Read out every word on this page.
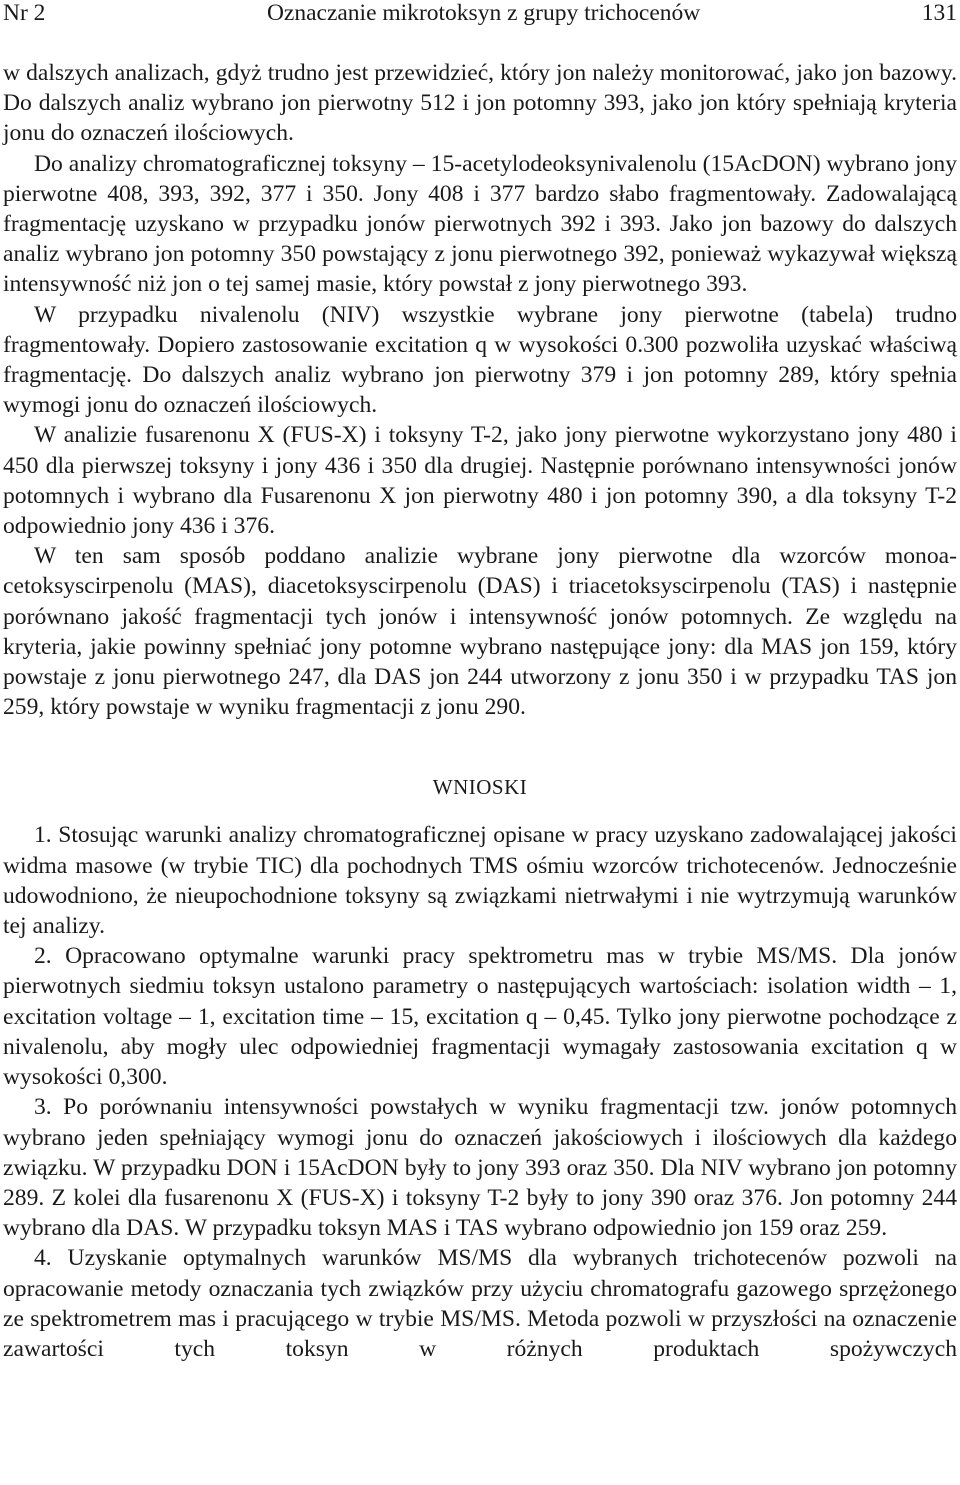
Nr 2	Oznaczanie mikrotoksyn z grupy trichocenów	131

w dalszych analizach, gdyż trudno jest przewidzieć, który jon należy monitorować, jako jon bazowy. Do dalszych analiz wybrano jon pierwotny 512 i jon potomny 393, jako jon który spełniają kryteria jonu do oznaczeń ilościowych.

Do analizy chromatograficznej toksyny – 15-acetylodeoksynivalenolu (15AcDON) wybrano jony pierwotne 408, 393, 392, 377 i 350. Jony 408 i 377 bardzo słabo fragmentowały. Zadowalającą fragmentację uzyskano w przypadku jonów pierwotnych 392 i 393. Jako jon bazowy do dalszych analiz wybrano jon potomny 350 powstający z jonu pierwotnego 392, ponieważ wykazywał większą intensywność niż jon o tej samej masie, który powstał z jony pierwotnego 393.

W przypadku nivalenolu (NIV) wszystkie wybrane jony pierwotne (tabela) trudno fragmentowały. Dopiero zastosowanie excitation q w wysokości 0.300 pozwoliła uzyskać właściwą fragmentację. Do dalszych analiz wybrano jon pierwotny 379 i jon potomny 289, który spełnia wymogi jonu do oznaczeń ilościowych.

W analizie fusarenonu X (FUS-X) i toksyny T-2, jako jony pierwotne wykorzystano jony 480 i 450 dla pierwszej toksyny i jony 436 i 350 dla drugiej. Następnie porównano intensywności jonów potomnych i wybrano dla Fusarenonu X jon pierwotny 480 i jon potomny 390, a dla toksyny T-2 odpowiednio jony 436 i 376.

W ten sam sposób poddano analizie wybrane jony pierwotne dla wzorców monoacetoksyscirpenolu (MAS), diacetoksyscirpenolu (DAS) i triacetoksyscirpenolu (TAS) i następnie porównano jakość fragmentacji tych jonów i intensywność jonów potomnych. Ze względu na kryteria, jakie powinny spełniać jony potomne wybrano następujące jony: dla MAS jon 159, który powstaje z jonu pierwotnego 247, dla DAS jon 244 utworzony z jonu 350 i w przypadku TAS jon 259, który powstaje w wyniku fragmentacji z jonu 290.

WNIOSKI

1. Stosując warunki analizy chromatograficznej opisane w pracy uzyskano zadowalającej jakości widma masowe (w trybie TIC) dla pochodnych TMS ośmiu wzorców trichotecenów. Jednocześnie udowodniono, że nieupochodnione toksyny są związkami nietrwałymi i nie wytrzymują warunków tej analizy.

2. Opracowano optymalne warunki pracy spektrometru mas w trybie MS/MS. Dla jonów pierwotnych siedmiu toksyn ustalono parametry o następujących wartościach: isolation width – 1, excitation voltage – 1, excitation time – 15, excitation q – 0,45. Tylko jony pierwotne pochodzące z nivalenolu, aby mogły ulec odpowiedniej fragmentacji wymagały zastosowania excitation q w wysokości 0,300.

3. Po porównaniu intensywności powstałych w wyniku fragmentacji tzw. jonów potomnych wybrano jeden spełniający wymogi jonu do oznaczeń jakościowych i ilościowych dla każdego związku. W przypadku DON i 15AcDON były to jony 393 oraz 350. Dla NIV wybrano jon potomny 289. Z kolei dla fusarenonu X (FUS-X) i toksyny T-2 były to jony 390 oraz 376. Jon potomny 244 wybrano dla DAS. W przypadku toksyn MAS i TAS wybrano odpowiednio jon 159 oraz 259.

4. Uzyskanie optymalnych warunków MS/MS dla wybranych trichotecenów pozwoli na opracowanie metody oznaczania tych związków przy użyciu chromatografu gazowego sprzężonego ze spektrometrem mas i pracującego w trybie MS/MS. Metoda pozwoli w przyszłości na oznaczenie zawartości tych toksyn w różnych produktach spożywczych
